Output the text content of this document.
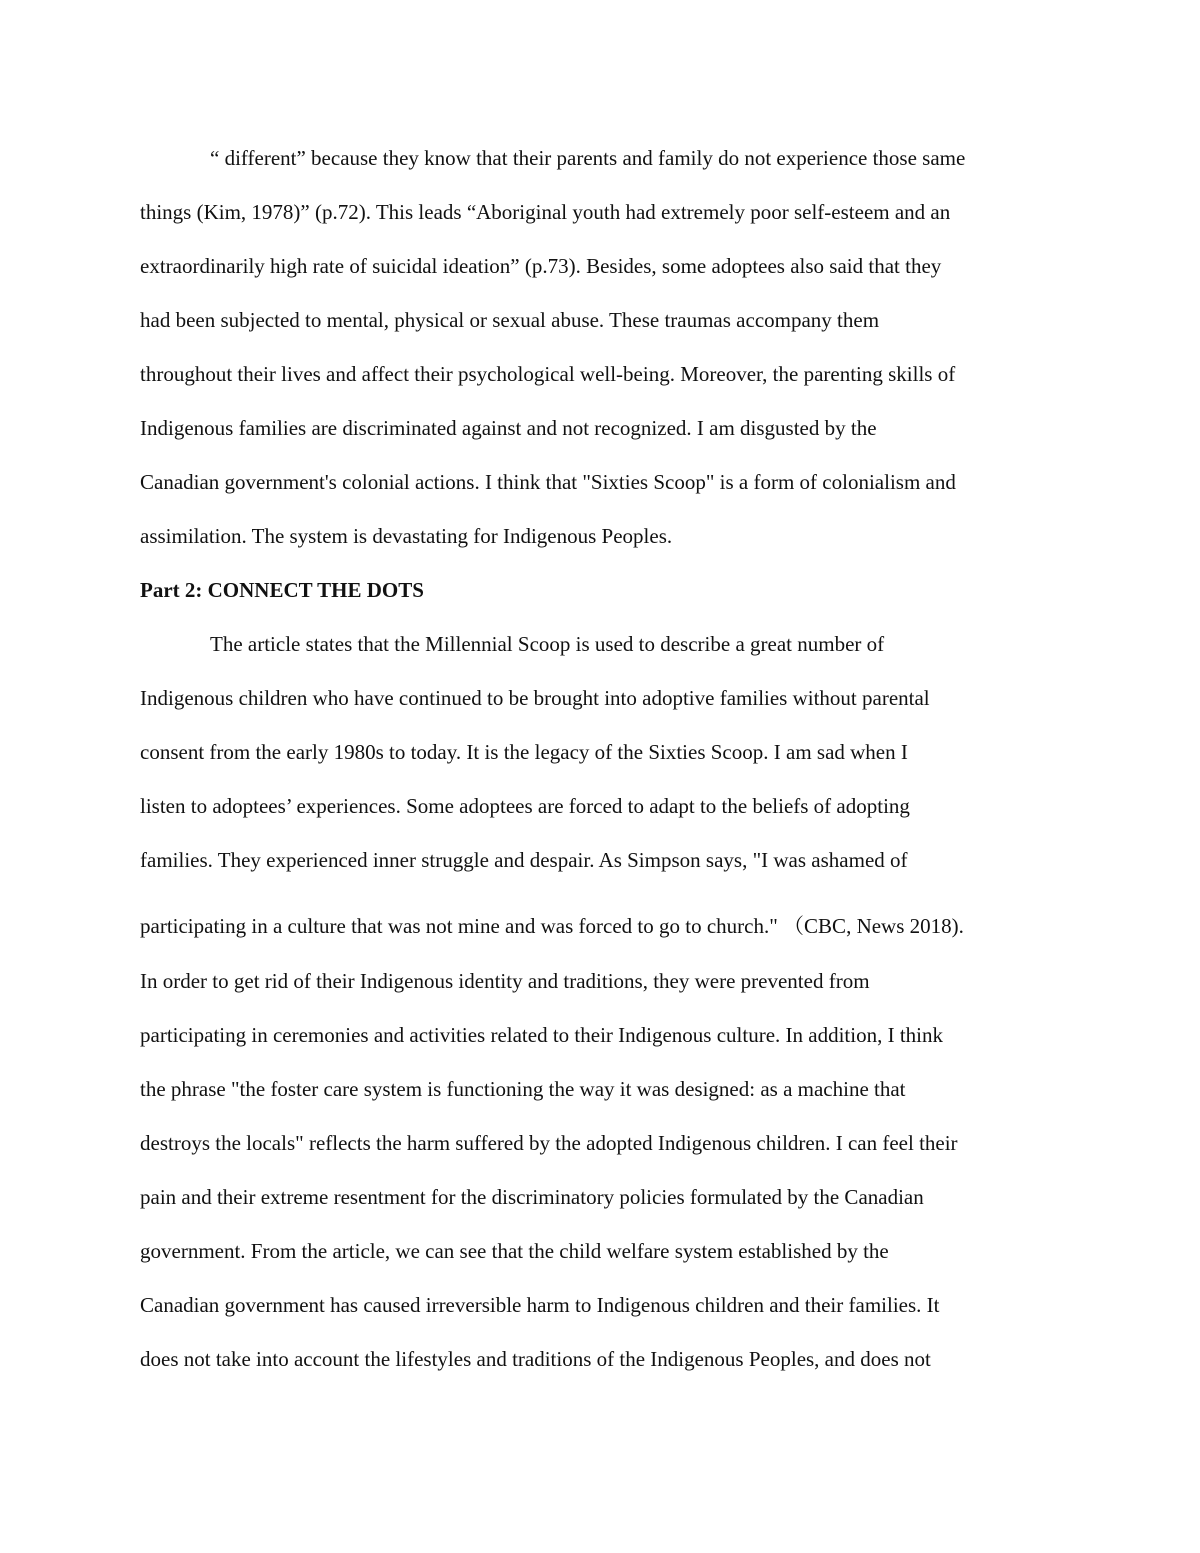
“ different” because they know that their parents and family do not experience those same
things (Kim, 1978)” (p.72). This leads “Aboriginal youth had extremely poor self-esteem and an
extraordinarily high rate of suicidal ideation” (p.73). Besides, some adoptees also said that they
had been subjected to mental, physical or sexual abuse. These traumas accompany them
throughout their lives and affect their psychological well-being. Moreover, the parenting skills of
Indigenous families are discriminated against and not recognized. I am disgusted by the
Canadian government's colonial actions. I think that "Sixties Scoop" is a form of colonialism and
assimilation. The system is devastating for Indigenous Peoples.
Part 2: CONNECT THE DOTS
The article states that the Millennial Scoop is used to describe a great number of
Indigenous children who have continued to be brought into adoptive families without parental
consent from the early 1980s to today. It is the legacy of the Sixties Scoop. I am sad when I
listen to adoptees’ experiences. Some adoptees are forced to adapt to the beliefs of adopting
families. They experienced inner struggle and despair. As Simpson says, "I was ashamed of
participating in a culture that was not mine and was forced to go to church." （CBC, News 2018).
In order to get rid of their Indigenous identity and traditions, they were prevented from
participating in ceremonies and activities related to their Indigenous culture. In addition, I think
the phrase "the foster care system is functioning the way it was designed: as a machine that
destroys the locals" reflects the harm suffered by the adopted Indigenous children. I can feel their
pain and their extreme resentment for the discriminatory policies formulated by the Canadian
government. From the article, we can see that the child welfare system established by the
Canadian government has caused irreversible harm to Indigenous children and their families. It
does not take into account the lifestyles and traditions of the Indigenous Peoples, and does not
